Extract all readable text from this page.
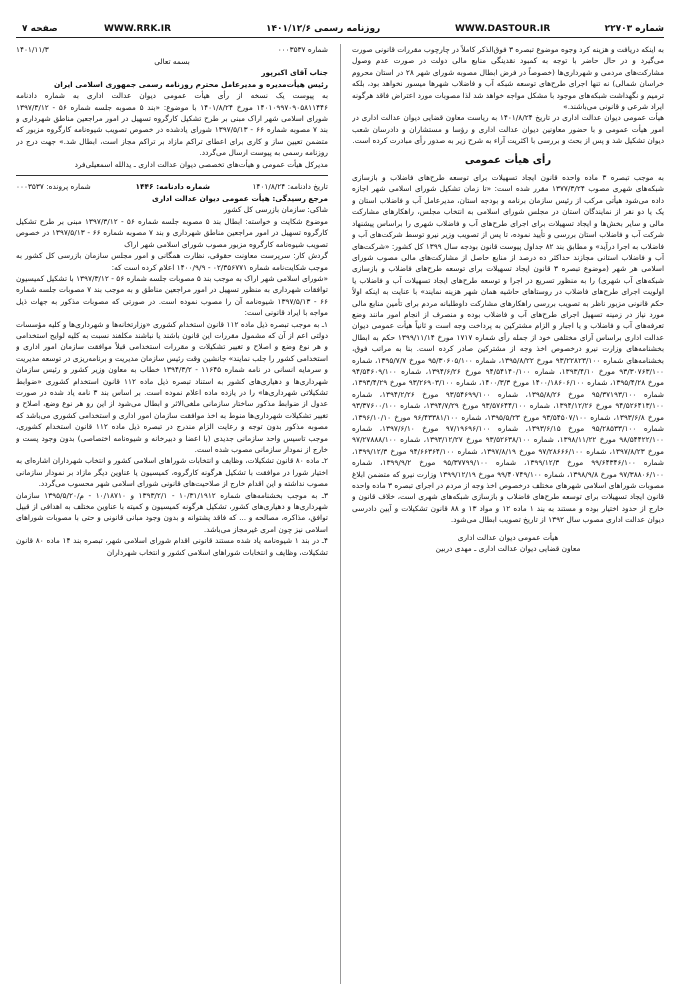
شماره ۲۲۷۰۳
WWW.DASTOUR.IR
روزنامه رسمی ۱۴۰۱/۱۲/۶
WWW.RRK.IR
صفحه ۷

به اینکه دریافت و هزینه کرد وجوه موضوع تبصره ۳ فوق‌الذکر کاملاً در چارچوب مقررات قانونی صورت می‌گیرد و در حال حاضر با توجه به کمبود نقدینگی منابع مالی دولت در صورت عدم وصول مشارکت‌های مردمی و شهرداری‌ها (خصوصاً در فرض ابطال مصوبه شورای شهر ۲۸ در استان محروم خراسان شمالی) نه تنها اجرای طرح‌های توسعه شبکه آب و فاضلاب شهرها میسور نخواهد بود، بلکه ترمیم و نگهداشت شبکه‌های موجود با مشکل مواجه خواهد شد لذا مصوبات مورد اعتراض فاقد هرگونه ایراد شرعی و قانونی می‌باشند.»

هیأت عمومی دیوان عدالت اداری در تاریخ ۱۴۰۱/۸/۲۴ به ریاست معاون قضایی دیوان عدالت اداری در امور هیأت عمومی و با حضور معاونین دیوان عدالت اداری و رؤسا و مستشاران و دادرسان شعب دیوان تشکیل شد و پس از بحث و بررسی با اکثریت آراء به شرح زیر به صدور رأی مبادرت کرده است.

رأی هیأت عمومی

به موجب تبصره ۳ ماده واحده قانون ایجاد تسهیلات برای توسعه طرح‌های فاضلاب و بازسازی شبکه‌های شهری مصوب ۱۳۷۷/۳/۲۴ مقرر شده است: «تا زمان تشکیل شورای اسلامی شهر اجازه داده می‌شود هیأتی مرکب از رئیس سازمان برنامه و بودجه استان، مدیرعامل آب و فاضلاب استان و یک یا دو نفر از نمایندگان استان در مجلس شورای اسلامی به انتخاب مجلس، راهکارهای مشارکت مالی و سایر بخش‌ها و ایجاد تسهیلات برای اجرای طرح‌های آب و فاضلاب شهری را براساس پیشنهاد شرکت آب و فاضلاب استان بررسی و تأیید نموده، تا پس از تصویب وزیر نیرو توسط شرکت‌های آب و فاضلاب به اجرا درآید» و مطابق بند ۸۲ جداول پیوست قانون بودجه سال ۱۳۹۹ کل کشور: «شرکت‌های آب و فاضلاب استانی مجازند حداکثر ده درصد از منابع حاصل از مشارکت‌های مالی مصوب شورای اسلامی هر شهر (موضوع تبصره ۳ قانون ایجاد تسهیلات برای توسعه طرح‌های فاضلاب و بازسازی شبکه‌های آب شهری) را به منظور تسریع در اجرا و توسعه طرح‌های ایجاد تسهیلات آب و فاضلاب یا اولویت اجرای طرح‌های فاضلاب در روستاهای حاشیه همان شهر هزینه نمایند» با عنایت به اینکه اولاً حکم قانونی مزبور ناظر به تصویب بررسی راهکارهای مشارکت داوطلبانه مردم برای تأمین منابع مالی مورد نیاز در زمینه تسهیل اجرای طرح‌های آب و فاضلاب بوده و منصرف از انجام امور مانند وضع تعرفه‌های آب و فاضلاب و یا اجبار و الزام مشترکین به پرداخت وجه است و ثانیاً هیأت عمومی دیوان عدالت اداری براساس آرای مختلفی خود از جمله رأی شماره ۱۷۱۷ مورخ ۱۳۹۹/۱۱/۱۴ حکم به ابطال بخشنامه‌های وزارت نیرو درخصوص اخذ وجه از مشترکین صادر کرده است. بنا به مراتب فوق، بخشنامه‌های شماره ۹۳/۲۲۸۲۳/۱۰۰ مورخ ۱۳۹۵/۸/۲۲، شماره ۹۵/۳۰۶۰۵/۱۰۰ مورخ ۱۳۹۵/۷/۷، شماره ۹۳/۳۰۷۶۳/۱۰۰ مورخ ۱۳۹۳/۴/۱۰، شماره ۹۴/۵۴۱۴۰/۱۰۰ مورخ ۱۳۹۴/۶/۲۶، شماره ۹۴/۵۴۶۰۹/۱۰۰ مورخ ۱۳۹۵/۴/۲۸، شماره ۱۴۰۰/۱۸۶۰۶/۱۰۰ مورخ ۱۴۰۰/۳/۳، شماره ۹۳/۲۶۹۰۳/۱۰۰ مورخ ۱۳۹۳/۴/۲۹، شماره ۹۵/۳۷۱۹۳/۱۰۰ مورخ ۱۳۹۵/۸/۲۶، شماره ۹۳/۵۴۶۹۹/۱۰۰ مورخ ۱۳۹۴/۲/۲۶، شماره ۹۴/۵۲۶۴۱۳/۱۰۰ مورخ ۱۳۹۴/۱۲/۲۶، شماره ۹۳/۵۷۶۴۴/۱۰۰ مورخ ۱۳۹۴/۷/۲۹، شماره ۹۳/۳۷۶۰۰/۱۰۰ مورخ ۱۳۹۳/۶/۸، شماره ۹۳/۵۴۵۰۷/۱۰۰ مورخ ۱۳۹۵/۵/۲۳، شماره ۹۶/۴۳۳۸۱/۱۰۰ مورخ ۱۳۹۶/۱۰/۱۰، شماره ۹۵/۲۸۵۳۳/۱۰۰ مورخ ۱۳۹۳/۶/۱۵، شماره ۹۷/۱۹۶۹۶/۱۰۰ مورخ ۱۳۹۷/۶/۱۰، شماره ۹۸/۵۴۴۲۲/۱۰۰ مورخ ۱۳۹۸/۱۱/۲۲، شماره ۹۳/۵۲۶۳۸/۱۰۰ مورخ ۱۳۹۳/۱۲/۲۷، شماره ۹۷/۲۷۸۸۸/۱۰۰ مورخ ۱۳۹۷/۸/۲۳، شماره ۹۷/۲۸۶۶۶/۱۰۰ مورخ ۱۳۹۷/۸/۱۹، شماره ۹۴/۶۶۳۶۴/۱۰۰ مورخ ۱۳۹۹/۱۲/۳، شماره ۹۹/۶۴۳۴۶/۱۰۰ مورخ ۱۳۹۹/۱۲/۳، شماره ۹۵/۳۷۷۹۹/۱۰۰ مورخ ۱۳۹۹/۹/۲، شماره ۹۷/۳۸۸۰۶/۱۰۰ مورخ ۱۳۹۸/۹/۸، شماره ۹۹/۴۰۷۴۹/۱۰۰ مورخ ۱۳۹۹/۱۲/۱۹ وزارت نیرو که متضمن ابلاغ مصوبات شوراهای اسلامی شهرهای مختلف درخصوص اخذ وجه از مردم در اجرای تبصره ۳ ماده واحده قانون ایجاد تسهیلات برای توسعه طرح‌های فاضلاب و بازسازی شبکه‌های شهری است، خلاف قانون و خارج از حدود اختیار بوده و مستند به بند ۱ ماده ۱۲ و مواد ۱۳ و ۸۸ قانون تشکیلات و آیین دادرسی دیوان عدالت اداری مصوب سال ۱۳۹۲ از تاریخ تصویب ابطال می‌شود.

هیأت عمومی دیوان عدالت اداری

معاون قضایی دیوان عدالت اداری ـ مهدی دربین

شماره ۰۰۰۳۵۳۷
۱۴۰۱/۱۱/۳

بسمه تعالی

جناب آقای اکبرپور

رئیس هیأت‌مدیره و مدیرعامل محترم روزنامه رسمی جمهوری اسلامی ایران

به پیوست یک نسخه از رأی هیأت عمومی دیوان عدالت اداری به شماره دادنامه ۱۴۰۱۰۹۹۷۰۹۰۵۸۱۱۴۴۶ مورخ ۱۴۰۱/۸/۲۴ با موضوع: «بند ۵ مصوبه جلسه شماره ۵۶ - ۱۳۹۷/۳/۱۲ شورای اسلامی شهر اراک مبنی بر طرح تشکیل کارگروه تسهیل در امور مراجعین مناطق شهرداری و بند ۷ مصوبه شماره ۶۶ - ۱۳۹۷/۵/۱۳ شورای یادشده در خصوص تصویب شیوه‌نامه کارگروه مزبور که متضمن تعیین ساز و کاری برای اعطای تراکم مازاد بر تراکم مجاز است، ابطال شد.» جهت درج در روزنامه رسمی به پیوست ارسال می‌گردد.

مدیرکل هیأت عمومی و هیأت‌های تخصصی دیوان عدالت اداری ـ یدالله اسمعیلی‌فرد

تاریخ دادنامه: ۱۴۰۱/۸/۲۴
شماره دادنامه: ۱۴۴۶
شماره پرونده: ۰۰۰۳۵۳۷

مرجع رسیدگی: هیأت عمومی دیوان عدالت اداری

شاکی: سازمان بازرسی کل کشور

موضوع شکایت و خواسته: ابطال بند ۵ مصوبه جلسه شماره ۵۶ - ۱۳۹۷/۳/۱۲ مبنی بر طرح تشکیل کارگروه تسهیل در امور مراجعین مناطق شهرداری و بند ۷ مصوبه شماره ۶۶ - ۱۳۹۷/۵/۱۳ در خصوص تصویب شیوه‌نامه کارگروه مزبور مصوب شورای اسلامی شهر اراک

گردش کار: سرپرست معاونت حقوقی، نظارت همگانی و امور مجلس سازمان بازرسی کل کشور به موجب شکایت‌نامه شماره ۰۲/۳۵۶۷۷۱ - ۱۴۰۰/۹/۹ اعلام کرده است که:

«شورای اسلامی شهر اراک به موجب بند ۵ مصوبات جلسه شماره ۵۶ - ۱۳۹۷/۳/۱۲ با تشکیل کمیسیون توافقات شهرداری به منظور تسهیل در امور مراجعین مناطق و به موجب بند ۷ مصوبات جلسه شماره ۶۶ - ۱۳۹۷/۵/۱۳ شیوه‌نامه آن را مصوب نموده است. در صورتی که مصوبات مذکور به جهات ذیل مواجه با ایراد قانونی است:

۱ـ به موجب تبصره ذیل ماده ۱۱۲ قانون استخدام کشوری «وزارتخانه‌ها و شهرداری‌ها و کلیه مؤسسات دولتی اعم از آن که مشمول مقررات این قانون باشند یا نباشند مکلفند نسبت به کلیه لوایح استخدامی و هر نوع وضع و اصلاح و تغییر تشکیلات و مقررات استخدامی قبلاً موافقت سازمان امور اداری و استخدامی کشور را جلب نمایند» جانشین وقت رئیس سازمان مدیریت و برنامه‌ریزی در توسعه مدیریت و سرمایه انسانی در نامه شماره ۱۱۶۴۵ - ۱۳۹۴/۳/۲ خطاب به معاون وزیر کشور و رئیس سازمان شهرداری‌ها و دهیاری‌های کشور به استناد تبصره ذیل ماده ۱۱۲ قانون استخدام کشوری «ضوابط تشکیلاتی شهرداری‌ها» را در یازده ماده اعلام نموده است. بر اساس بند ۳ نامه یاد شده در صورت عدول از ضوابط مذکور ساختار سازمانی ملغی‌الاثر و ابطال می‌شود از این رو هر نوع وضع، اصلاح و تغییر تشکیلات شهرداری‌ها منوط به اخذ موافقت سازمان امور اداری و استخدامی کشوری می‌باشد که مصوبه مذکور بدون توجه و رعایت الزام مندرج در تبصره ذیل ماده ۱۱۲ قانون استخدام کشوری، موجب تاسیس واحد سازمانی جدیدی (با اعضا و دبیرخانه و شیوه‌نامه اختصاصی) بدون وجود پست و خارج از نمودار سازمانی مصوب شده است.

۲ـ ماده ۸۰ قانون تشکیلات، وظایف و انتخابات شوراهای اسلامی کشور و انتخاب شهرداران اشاره‌ای به اختیار شورا در موافقت با تشکیل هرگونه کارگروه، کمیسیون یا عناوین دیگر مازاد بر نمودار سازمانی مصوب نداشته و این اقدام خارج از صلاحیت‌های قانونی شورای اسلامی شهر محسوب می‌گردد.

۳ـ به موجب بخشنامه‌های شماره ۱۰/۳۱/۱۹۱۲ - ۱۳۹۳/۲/۱ و ۱۰/۱۸۷۱۰ - م/۱۳۹۵/۵/۲۰ سازمان شهرداری‌ها و دهیاری‌های کشور، تشکیل هرگونه کمیسیون و کمیته با عناوین مختلف به اهدافی از قبیل توافق، مذاکره، مصالحه و ... که فاقد پشتوانه و بدون وجود مبانی قانونی و حتی با مصوبات شوراهای اسلامی نیز چون امری غیرمجاز می‌باشد.

۴ـ در بند ۱ شیوه‌نامه یاد شده مستند قانونی اقدام شورای اسلامی شهر، تبصره بند ۱۴ ماده ۸۰ قانون تشکیلات، وظایف و انتخابات شوراهای اسلامی کشور و انتخاب شهرداران
